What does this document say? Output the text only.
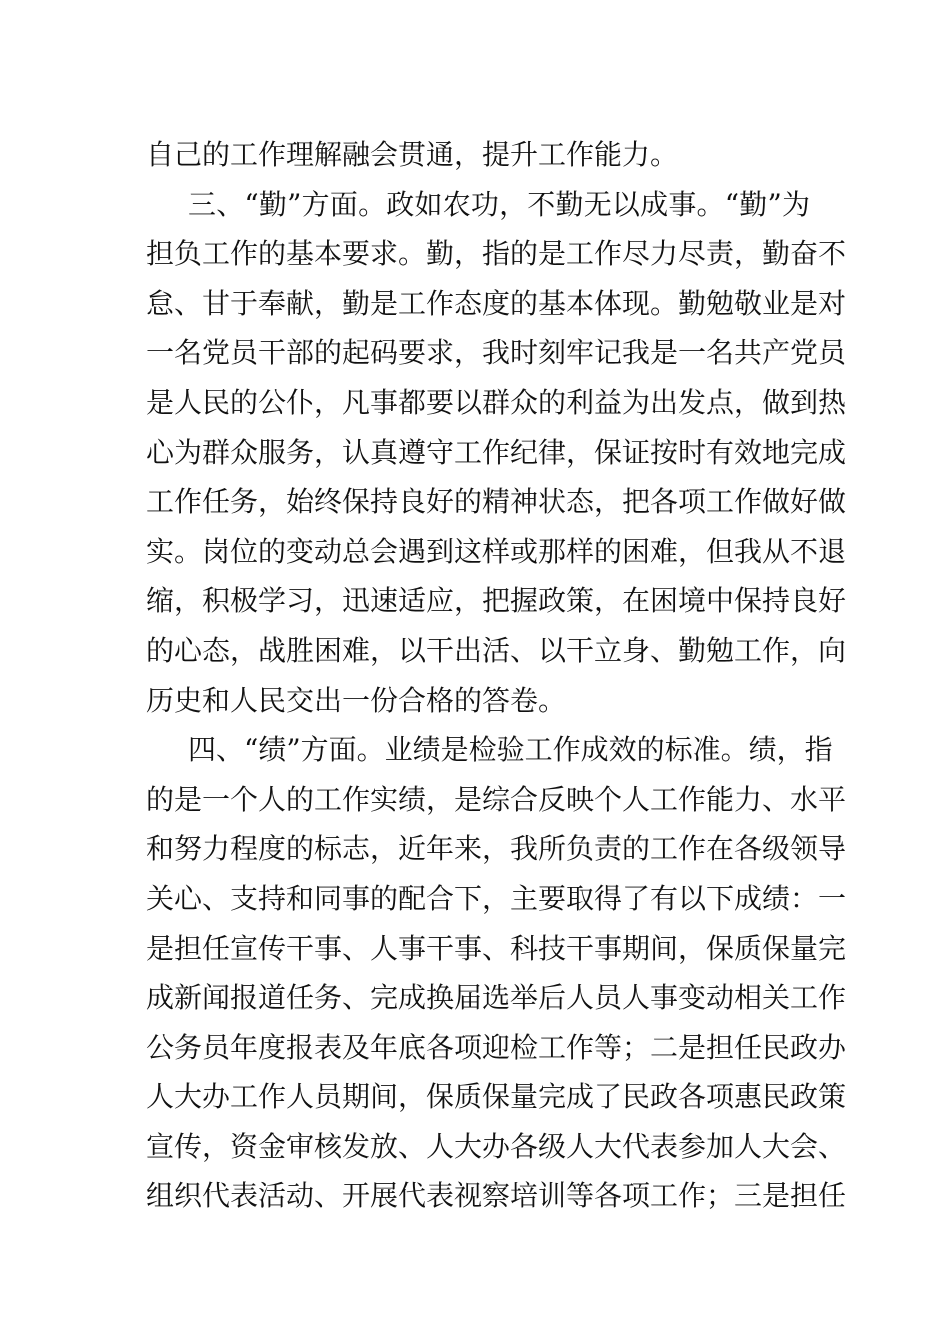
自己的工作理解融会贯通，提升工作能力。
三、“勤”方面。政如农功，不勤无以成事。“勤”为
担负工作的基本要求。勤，指的是工作尽力尽责，勤奋不
怠、甘于奉献，勤是工作态度的基本体现。勤勉敬业是对
一名党员干部的起码要求，我时刻牢记我是一名共产党员
是人民的公仆，凡事都要以群众的利益为出发点，做到热
心为群众服务，认真遵守工作纪律，保证按时有效地完成
工作任务，始终保持良好的精神状态，把各项工作做好做
实。岗位的变动总会遇到这样或那样的困难，但我从不退
缩，积极学习，迅速适应，把握政策，在困境中保持良好
的心态，战胜困难，以干出活、以干立身、勤勉工作，向
历史和人民交出一份合格的答卷。
四、“绩”方面。业绩是检验工作成效的标准。绩，指
的是一个人的工作实绩，是综合反映个人工作能力、水平
和努力程度的标志，近年来，我所负责的工作在各级领导
关心、支持和同事的配合下，主要取得了有以下成绩：一
是担任宣传干事、人事干事、科技干事期间，保质保量完
成新闻报道任务、完成换届选举后人员人事变动相关工作
公务员年度报表及年底各项迎检工作等；二是担任民政办
人大办工作人员期间，保质保量完成了民政各项惠民政策
宣传，资金审核发放、人大办各级人大代表参加人大会、
组织代表活动、开展代表视察培训等各项工作；三是担任
